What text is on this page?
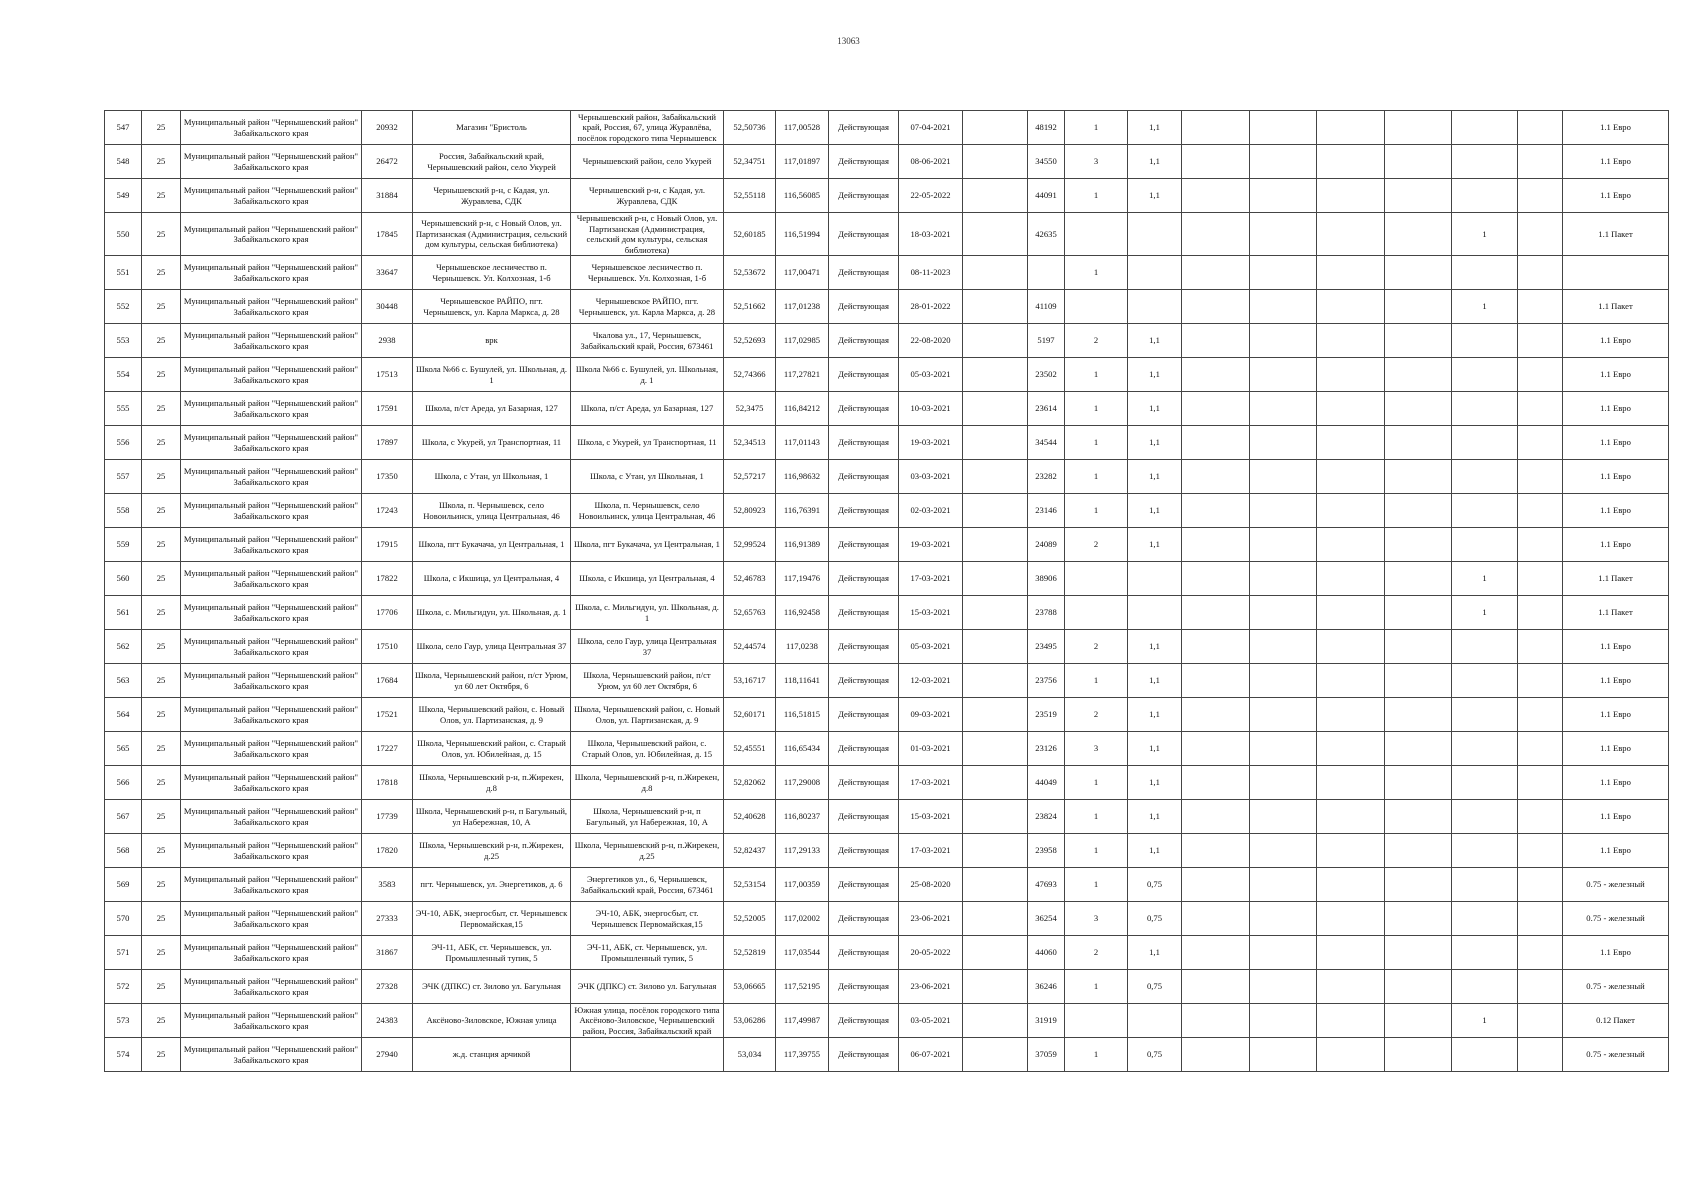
13063
547	25	Муниципальный район "Чернышевский район" Забайкальского края	20932	Магазин "Бристоль	Чернышевский район, Забайкальский край, Россия, 67, улица Журавлёва, посёлок городского типа Чернышевск	52,50736	117,00528	Действующая	07-04-2021		48192	1	1,1							1.1 Евро
548	25	Муниципальный район "Чернышевский район" Забайкальского края	26472	Россия, Забайкальский край, Чернышевский район, село Укурей	Чернышевский район, село Укурей	52,34751	117,01897	Действующая	08-06-2021		34550	3	1,1							1.1 Евро
549	25	Муниципальный район "Чернышевский район" Забайкальского края	31884	Чернышевский р-н, с Кадая, ул. Журавлева, СДК	Чернышевский р-н, с Кадая, ул. Журавлева, СДК	52,55118	116,56085	Действующая	22-05-2022		44091	1	1,1							1.1 Евро
550	25	Муниципальный район "Чернышевский район" Забайкальского края	17845	Чернышевский р-н, с Новый Олов, ул. Партизанская (Администрация, сельский дом культуры, сельская библиотека)	Чернышевский р-н, с Новый Олов, ул. Партизанская (Администрация, сельский дом культуры, сельская библиотека)	52,60185	116,51994	Действующая	18-03-2021		42635							1		1.1 Пакет
551	25	Муниципальный район "Чернышевский район" Забайкальского края	33647	Чернышевское лесничество п. Чернышевск. Ул. Колхозная, 1-б	Чернышевское лесничество п. Чернышевск. Ул. Колхозная, 1-б	52,53672	117,00471	Действующая	08-11-2023			1								
552	25	Муниципальный район "Чернышевский район" Забайкальского края	30448	Чернышевское РАЙПО, пгт. Чернышевск, ул. Карла Маркса, д. 28	Чернышевское РАЙПО, пгт. Чернышевск, ул. Карла Маркса, д. 28	52,51662	117,01238	Действующая	28-01-2022		41109							1		1.1 Пакет
553	25	Муниципальный район "Чернышевский район" Забайкальского края	2938	врк	Чкалова ул., 17, Чернышевск, Забайкальский край, Россия, 673461	52,52693	117,02985	Действующая	22-08-2020		5197	2	1,1							1.1 Евро
554	25	Муниципальный район "Чернышевский район" Забайкальского края	17513	Школа №66 с. Бушулей, ул. Школьная, д. 1	Школа №66 с. Бушулей, ул. Школьная, д. 1	52,74366	117,27821	Действующая	05-03-2021		23502	1	1,1							1.1 Евро
555	25	Муниципальный район "Чернышевский район" Забайкальского края	17591	Школа, п/ст Ареда, ул Базарная, 127	Школа, п/ст Ареда, ул Базарная, 127	52,3475	116,84212	Действующая	10-03-2021		23614	1	1,1							1.1 Евро
556	25	Муниципальный район "Чернышевский район" Забайкальского края	17897	Школа, с Укурей, ул Транспортная, 11	Школа, с Укурей, ул Транспортная, 11	52,34513	117,01143	Действующая	19-03-2021		34544	1	1,1							1.1 Евро
557	25	Муниципальный район "Чернышевский район" Забайкальского края	17350	Школа, с Утан, ул Школьная, 1	Школа, с Утан, ул Школьная, 1	52,57217	116,98632	Действующая	03-03-2021		23282	1	1,1							1.1 Евро
558	25	Муниципальный район "Чернышевский район" Забайкальского края	17243	Школа, п. Чернышевск, село Новоильинск, улица Центральная, 46	Школа, п. Чернышевск, село Новоильинск, улица Центральная, 46	52,80923	116,76391	Действующая	02-03-2021		23146	1	1,1							1.1 Евро
559	25	Муниципальный район "Чернышевский район" Забайкальского края	17915	Школа, пгт Букачача, ул Центральная, 1	Школа, пгт Букачача, ул Центральная, 1	52,99524	116,91389	Действующая	19-03-2021		24089	2	1,1							1.1 Евро
560	25	Муниципальный район "Чернышевский район" Забайкальского края	17822	Школа, с Икшица, ул Центральная, 4	Школа, с Икшица, ул Центральная, 4	52,46783	117,19476	Действующая	17-03-2021		38906							1		1.1 Пакет
561	25	Муниципальный район "Чернышевский район" Забайкальского края	17706	Школа, с. Мильгидун, ул. Школьная, д. 1	Школа, с. Мильгидун, ул. Школьная, д. 1	52,65763	116,92458	Действующая	15-03-2021		23788							1		1.1 Пакет
562	25	Муниципальный район "Чернышевский район" Забайкальского края	17510	Школа, село Гаур, улица Центральная 37	Школа, село Гаур, улица Центральная 37	52,44574	117,0238	Действующая	05-03-2021		23495	2	1,1							1.1 Евро
563	25	Муниципальный район "Чернышевский район" Забайкальского края	17684	Школа, Чернышевский район, п/ст Урюм, ул 60 лет Октября, 6	Школа, Чернышевский район, п/ст Урюм, ул 60 лет Октября, 6	53,16717	118,11641	Действующая	12-03-2021		23756	1	1,1							1.1 Евро
564	25	Муниципальный район "Чернышевский район" Забайкальского края	17521	Школа, Чернышевский район, с. Новый Олов, ул. Партизанская, д. 9	Школа, Чернышевский район, с. Новый Олов, ул. Партизанская, д. 9	52,60171	116,51815	Действующая	09-03-2021		23519	2	1,1							1.1 Евро
565	25	Муниципальный район "Чернышевский район" Забайкальского края	17227	Школа, Чернышевский район, с. Старый Олов, ул. Юбилейная, д. 15	Школа, Чернышевский район, с. Старый Олов, ул. Юбилейная, д. 15	52,45551	116,65434	Действующая	01-03-2021		23126	3	1,1							1.1 Евро
566	25	Муниципальный район "Чернышевский район" Забайкальского края	17818	Школа, Чернышевский р-н, п.Жирекен, д.8	Школа, Чернышевский р-н, п.Жирекен, д.8	52,82062	117,29008	Действующая	17-03-2021		44049	1	1,1							1.1 Евро
567	25	Муниципальный район "Чернышевский район" Забайкальского края	17739	Школа, Чернышевский р-н, п Багульный, ул Набережная, 10, А	Школа, Чернышевский р-н, п Багульный, ул Набережная, 10, А	52,40628	116,80237	Действующая	15-03-2021		23824	1	1,1							1.1 Евро
568	25	Муниципальный район "Чернышевский район" Забайкальского края	17820	Школа, Чернышевский р-н, п.Жирекен, д.25	Школа, Чернышевский р-н, п.Жирекен, д.25	52,82437	117,29133	Действующая	17-03-2021		23958	1	1,1							1.1 Евро
569	25	Муниципальный район "Чернышевский район" Забайкальского края	3583	пгт. Чернышевск, ул. Энергетиков, д. 6	Энергетиков ул., 6, Чернышевск, Забайкальский край, Россия, 673461	52,53154	117,00359	Действующая	25-08-2020		47693	1	0,75							0.75 - железный
570	25	Муниципальный район "Чернышевский район" Забайкальского края	27333	ЭЧ-10, АБК, энергосбыт, ст. Чернышевск Первомайская,15	ЭЧ-10, АБК, энергосбыт, ст. Чернышевск Первомайская,15	52,52005	117,02002	Действующая	23-06-2021		36254	3	0,75							0.75 - железный
571	25	Муниципальный район "Чернышевский район" Забайкальского края	31867	ЭЧ-11, АБК, ст. Чернышевск, ул. Промышленный тупик, 5	ЭЧ-11, АБК, ст. Чернышевск, ул. Промышленный тупик, 5	52,52819	117,03544	Действующая	20-05-2022		44060	2	1,1							1.1 Евро
572	25	Муниципальный район "Чернышевский район" Забайкальского края	27328	ЭЧК (ДПКС) ст. Зилово ул. Багульная	ЭЧК (ДПКС) ст. Зилово ул. Багульная	53,06665	117,52195	Действующая	23-06-2021		36246	1	0,75							0.75 - железный
573	25	Муниципальный район "Чернышевский район" Забайкальского края	24383	Аксёново-Зиловское, Южная улица	Южная улица, посёлок городского типа Аксёново-Зиловское, Чернышевский район, Россия, Забайкальский край	53,06286	117,49987	Действующая	03-05-2021		31919							1		0.12 Пакет
574	25	Муниципальный район "Чернышевский район" Забайкальского края	27940	ж.д. станция арчикой		53,034	117,39755	Действующая	06-07-2021		37059	1	0,75							0.75 - железный
